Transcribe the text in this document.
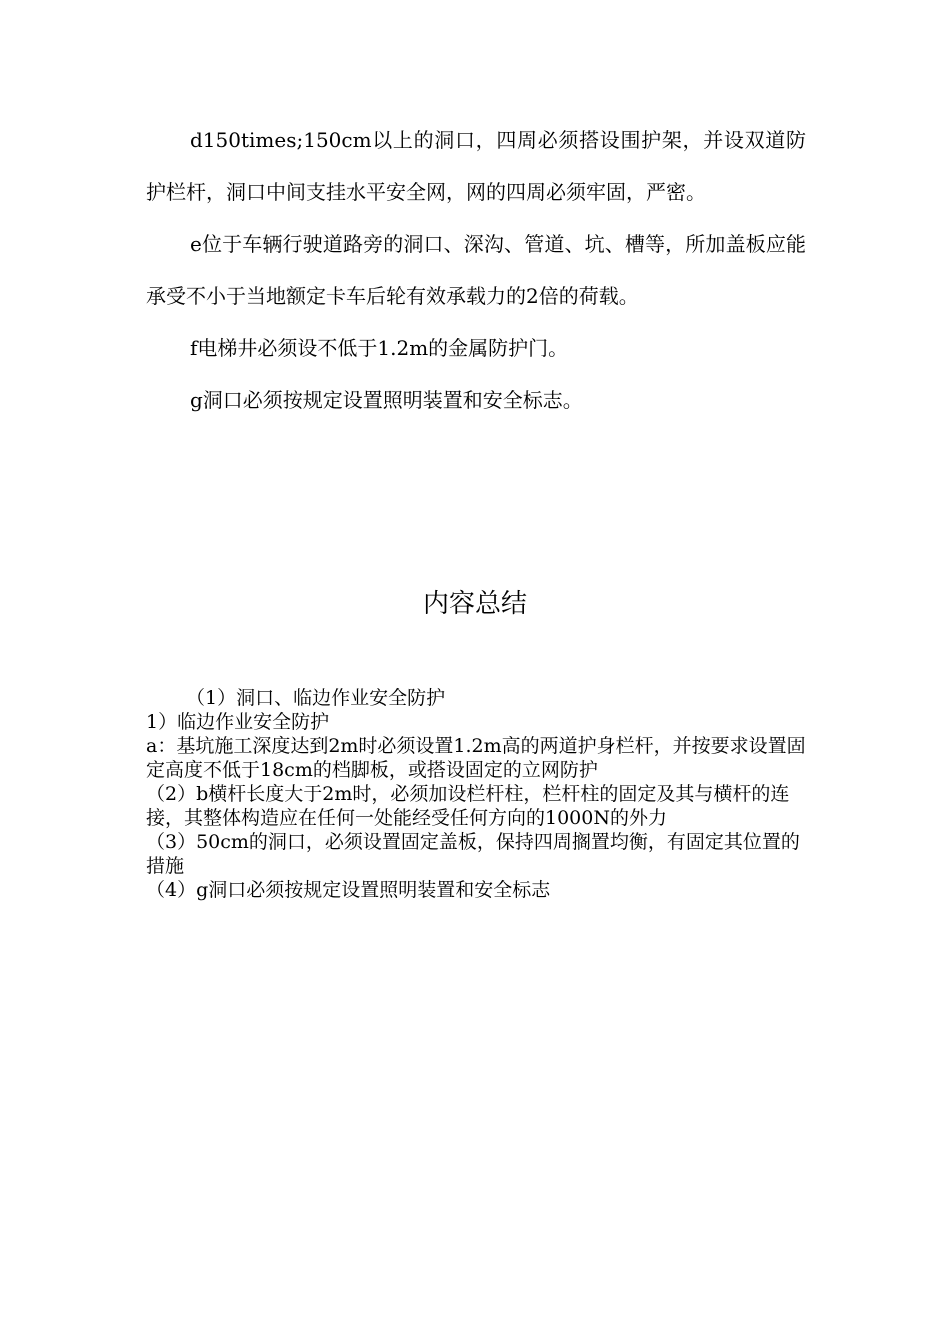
d150times;150cm以上的洞口，四周必须搭设围护架，并设双道防护栏杆，洞口中间支挂水平安全网，网的四周必须牢固，严密。

e位于车辆行驶道路旁的洞口、深沟、管道、坑、槽等，所加盖板应能承受不小于当地额定卡车后轮有效承载力的2倍的荷载。

f电梯井必须设不低于1.2m的金属防护门。

g洞口必须按规定设置照明装置和安全标志。

内容总结

（1）洞口、临边作业安全防护

1）临边作业安全防护

a：基坑施工深度达到2m时必须设置1.2m高的两道护身栏杆，并按要求设置固定高度不低于18cm的档脚板，或搭设固定的立网防护

（2）b横杆长度大于2m时，必须加设栏杆柱，栏杆柱的固定及其与横杆的连接，其整体构造应在任何一处能经受任何方向的1000N的外力

（3）50cm的洞口，必须设置固定盖板，保持四周搁置均衡，有固定其位置的措施

（4）g洞口必须按规定设置照明装置和安全标志
